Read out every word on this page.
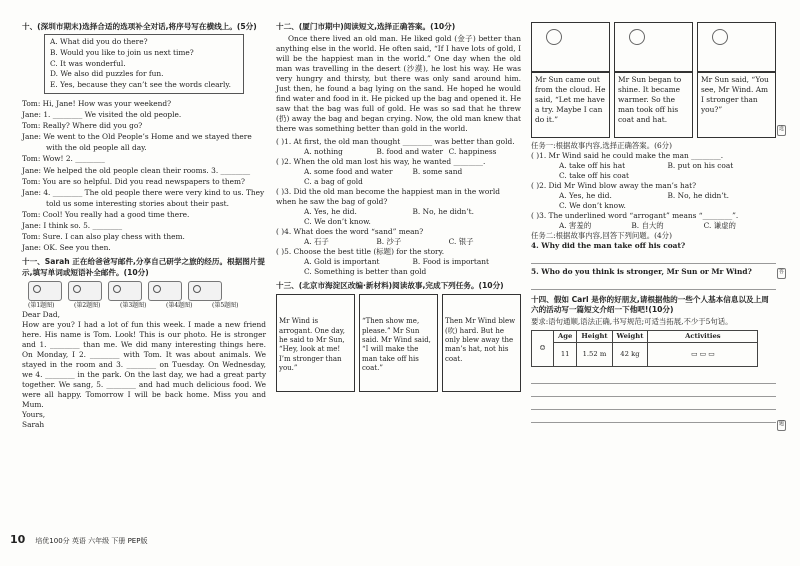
十、(深圳市期末)选择合适的选项补全对话,将序号写在横线上。(5分)
A. What did you do there?
B. Would you like to join us next time?
C. It was wonderful.
D. We also did puzzles for fun.
E. Yes, because they can’t see the words clearly.
Tom: Hi, Jane! How was your weekend?
Jane: 1. ________ We visited the old people.
Tom: Really? Where did you go?
Jane: We went to the Old People’s Home and we stayed there with the old people all day.
Tom: Wow! 2. ________
Jane: We helped the old people clean their rooms. 3. ________
Tom: You are so helpful. Did you read newspapers to them?
Jane: 4. ________ The old people there were very kind to us. They told us some interesting stories about their past.
Tom: Cool! You really had a good time there.
Jane: I think so. 5. ________
Tom: Sure. I can also play chess with them.
Jane: OK. See you then.
十一、Sarah 正在给爸爸写邮件,分享自己研学之旅的经历。根据图片提示,填写单词或短语补全邮件。(10分)
(第1题图)	(第2题图)	(第3题图)	(第4题图)	(第5题图)
Dear Dad,
How are you? I had a lot of fun this week. I made a new friend here. His name is Tom. Look! This is our photo. He is stronger and 1. ________ than me. We did many interesting things here. On Monday, I 2. ________ with Tom. It was about animals. We stayed in the room and 3. ________ on Tuesday. On Wednesday, we 4. ________ in the park. On the last day, we had a great party together. We sang, 5. ________ and had much delicious food. We were all happy. Tomorrow I will be back home. Miss you and Mum.
Yours,
Sarah
十二、(厦门市期中)阅读短文,选择正确答案。(10分)

Once there lived an old man. He liked gold (金子) better than anything else in the world. He often said, “If I have lots of gold, I will be the happiest man in the world.” One day when the old man was travelling in the desert (沙漠), he lost his way. He was very hungry and thirsty, but there was only sand around him. Just then, he found a bag lying on the sand. He hoped he would find water and food in it. He picked up the bag and opened it. He saw that the bag was full of gold. He was so sad that he threw (扔) away the bag and began crying. Now, the old man knew that there was something better than gold in the world.

( )1. At first, the old man thought ________ was better than gold.
A. nothing	B. food and water C. happiness
( )2. When the old man lost his way, he wanted ________.
A. some food and water	B. some sand
C. a bag of gold
( )3. Did the old man become the happiest man in the world when he saw the bag of gold?
A. Yes, he did.	B. No, he didn’t.
C. We don’t know.
( )4. What does the word “sand” mean?
A. 石子	B. 沙子	C. 银子
( )5. Choose the best title (标题) for the story.
A. Gold is important	B. Food is important
C. Something is better than gold
十三、(北京市海淀区改编·新材料)阅读故事,完成下列任务。(10分)
Mr Wind is arrogant. One day, he said to Mr Sun, “Hey, look at me! I’m stronger than you.”
“Then show me, please.” Mr Sun said. Mr Wind said, “I will make the man take off his coat.”
Then Mr Wind blew (吹) hard. But he only blew away the man’s hat, not his coat.
Mr Sun came out from the cloud. He said, “Let me have a try. Maybe I can do it.”
Mr Sun began to shine. It became warmer. So the man took off his coat and hat.
Mr Sun said, “You see, Mr Wind. Am I stronger than you?”
任务一:根据故事内容,选择正确答案。(6分)
( )1. Mr Wind said he could make the man ________.
A. take off his hat	B. put on his coat
C. take off his coat
( )2. Did Mr Wind blow away the man’s hat?
A. Yes, he did.	B. No, he didn’t.
C. We don’t know.
( )3. The underlined word “arrogant” means “________”.
A. 害羞的	B. 自大的	C. 谦虚的
任务二:根据故事内容,回答下列问题。(4分)
4. Why did the man take off his coat?
5. Who do you think is stronger, Mr Sun or Mr Wind?
十四、假如 Carl 是你的好朋友,请根据他的一些个人基本信息以及上周六的活动写一篇短文介绍一下他吧!(10分)
要求:语句通顺,语法正确,书写规范;可适当拓展,不少于5句话。
☺	Age	Height	Weight	Activities
	11	1.52 m	42 kg	▭ ▭ ▭
选
答
题
10 培优100分 英语 六年级 下册 PEP版
